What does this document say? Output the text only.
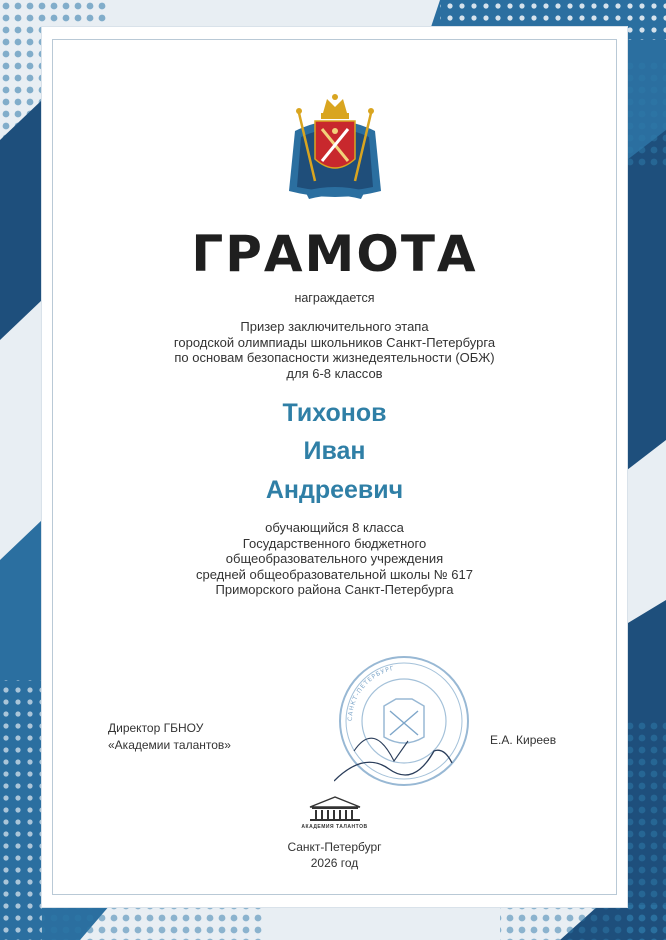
ГРАМОТА
награждается
Призер заключительного этапа
городской олимпиады школьников Санкт-Петербурга
по основам безопасности жизнедеятельности (ОБЖ)
для 6-8 классов
Тихонов
Иван
Андреевич
обучающийся 8 класса
Государственного бюджетного
общеобразовательного учреждения
средней общеобразовательной школы № 617
Приморского района Санкт-Петербурга
САНКТ-ПЕТЕРБУРГ
Директор ГБНОУ
«Академии талантов»	Е.А. Киреев
АКАДЕМИЯ ТАЛАНТОВ
Санкт-Петербург
2026 год
